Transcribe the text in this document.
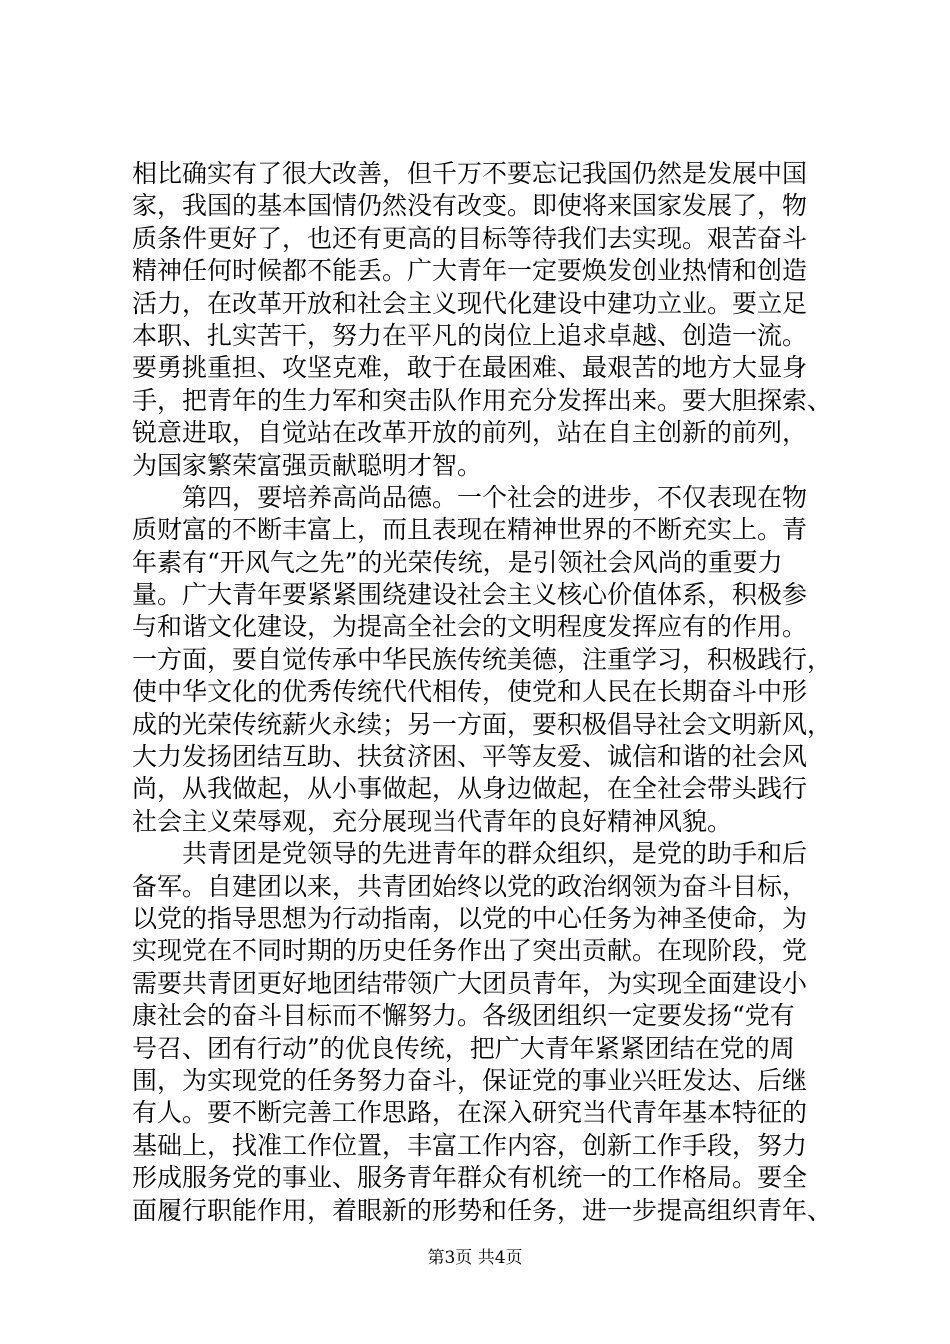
相比确实有了很大改善，但千万不要忘记我国仍然是发展中国
家，我国的基本国情仍然没有改变。即使将来国家发展了，物
质条件更好了，也还有更高的目标等待我们去实现。艰苦奋斗
精神任何时候都不能丢。广大青年一定要焕发创业热情和创造
活力，在改革开放和社会主义现代化建设中建功立业。要立足
本职、扎实苦干，努力在平凡的岗位上追求卓越、创造一流。
要勇挑重担、攻坚克难，敢于在最困难、最艰苦的地方大显身
手，把青年的生力军和突击队作用充分发挥出来。要大胆探索、
锐意进取，自觉站在改革开放的前列，站在自主创新的前列，
为国家繁荣富强贡献聪明才智。
　　第四，要培养高尚品德。一个社会的进步，不仅表现在物
质财富的不断丰富上，而且表现在精神世界的不断充实上。青
年素有“开风气之先”的光荣传统，是引领社会风尚的重要力
量。广大青年要紧紧围绕建设社会主义核心价值体系，积极参
与和谐文化建设，为提高全社会的文明程度发挥应有的作用。
一方面，要自觉传承中华民族传统美德，注重学习，积极践行，
使中华文化的优秀传统代代相传，使党和人民在长期奋斗中形
成的光荣传统薪火永续；另一方面，要积极倡导社会文明新风，
大力发扬团结互助、扶贫济困、平等友爱、诚信和谐的社会风
尚，从我做起，从小事做起，从身边做起，在全社会带头践行
社会主义荣辱观，充分展现当代青年的良好精神风貌。
　　共青团是党领导的先进青年的群众组织，是党的助手和后
备军。自建团以来，共青团始终以党的政治纲领为奋斗目标，
以党的指导思想为行动指南，以党的中心任务为神圣使命，为
实现党在不同时期的历史任务作出了突出贡献。在现阶段，党
需要共青团更好地团结带领广大团员青年，为实现全面建设小
康社会的奋斗目标而不懈努力。各级团组织一定要发扬“党有
号召、团有行动”的优良传统，把广大青年紧紧团结在党的周
围，为实现党的任务努力奋斗，保证党的事业兴旺发达、后继
有人。要不断完善工作思路，在深入研究当代青年基本特征的
基础上，找准工作位置，丰富工作内容，创新工作手段，努力
形成服务党的事业、服务青年群众有机统一的工作格局。要全
面履行职能作用，着眼新的形势和任务，进一步提高组织青年、
第3页 共4页
